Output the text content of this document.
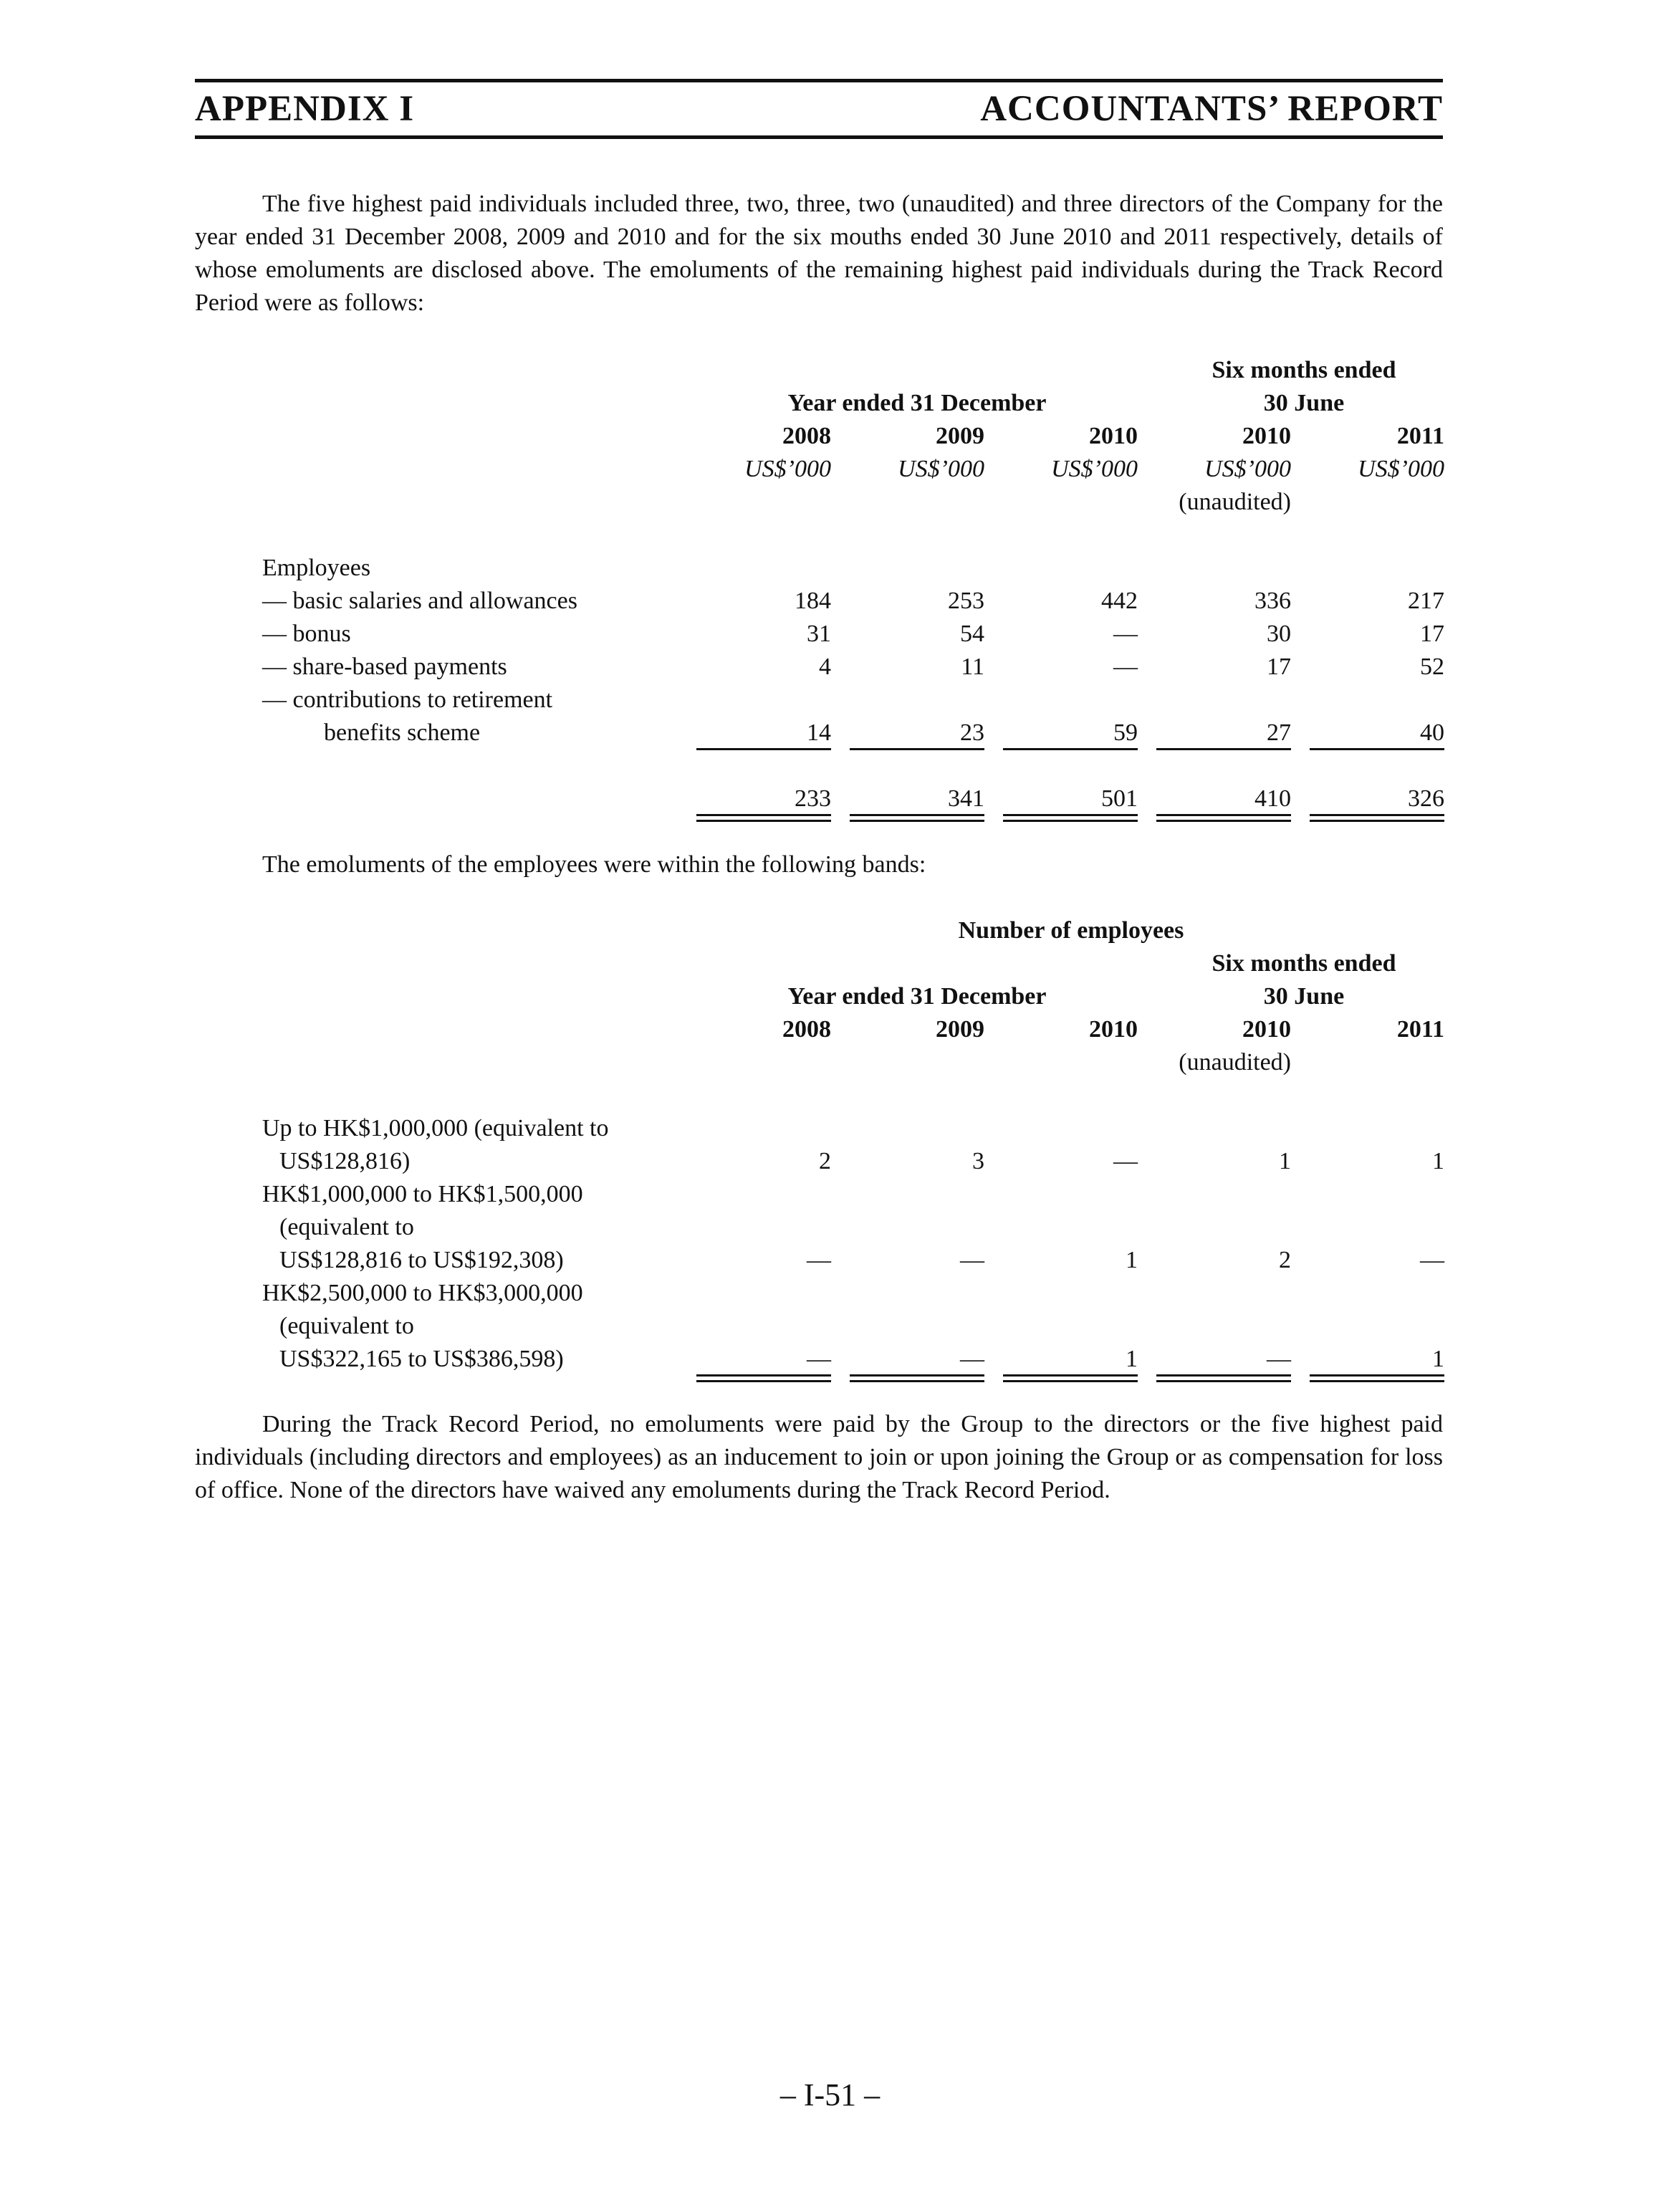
APPENDIX I	ACCOUNTANTS’ REPORT

The five highest paid individuals included three, two, three, two (unaudited) and three directors of the Company for the year ended 31 December 2008, 2009 and 2010 and for the six mouths ended 30 June 2010 and 2011 respectively, details of whose emoluments are disclosed above. The emoluments of the remaining highest paid individuals during the Track Record Period were as follows:

Six months ended
Year ended 31 December	30 June
2008	2009	2010	2010	2011
US$’000	US$’000	US$’000	US$’000	US$’000
(unaudited)
Employees
— basic salaries and allowances	184	253	442	336	217
— bonus	31	54	—	30	17
— share-based payments	4	11	—	17	52
— contributions to retirement
benefits scheme	14	23	59	27	40
233	341	501	410	326
The emoluments of the employees were within the following bands:
Number of employees
Six months ended
Year ended 31 December	30 June
2008	2009	2010	2010	2011
(unaudited)
Up to HK$1,000,000 (equivalent to
US$128,816)	2	3	—	1	1
HK$1,000,000 to HK$1,500,000
(equivalent to
US$128,816 to US$192,308)	—	—	1	2	—
HK$2,500,000 to HK$3,000,000
(equivalent to
US$322,165 to US$386,598)	—	—	1	—	1

During the Track Record Period, no emoluments were paid by the Group to the directors or the five highest paid individuals (including directors and employees) as an inducement to join or upon joining the Group or as compensation for loss of office. None of the directors have waived any emoluments during the Track Record Period.

– I-51 –
